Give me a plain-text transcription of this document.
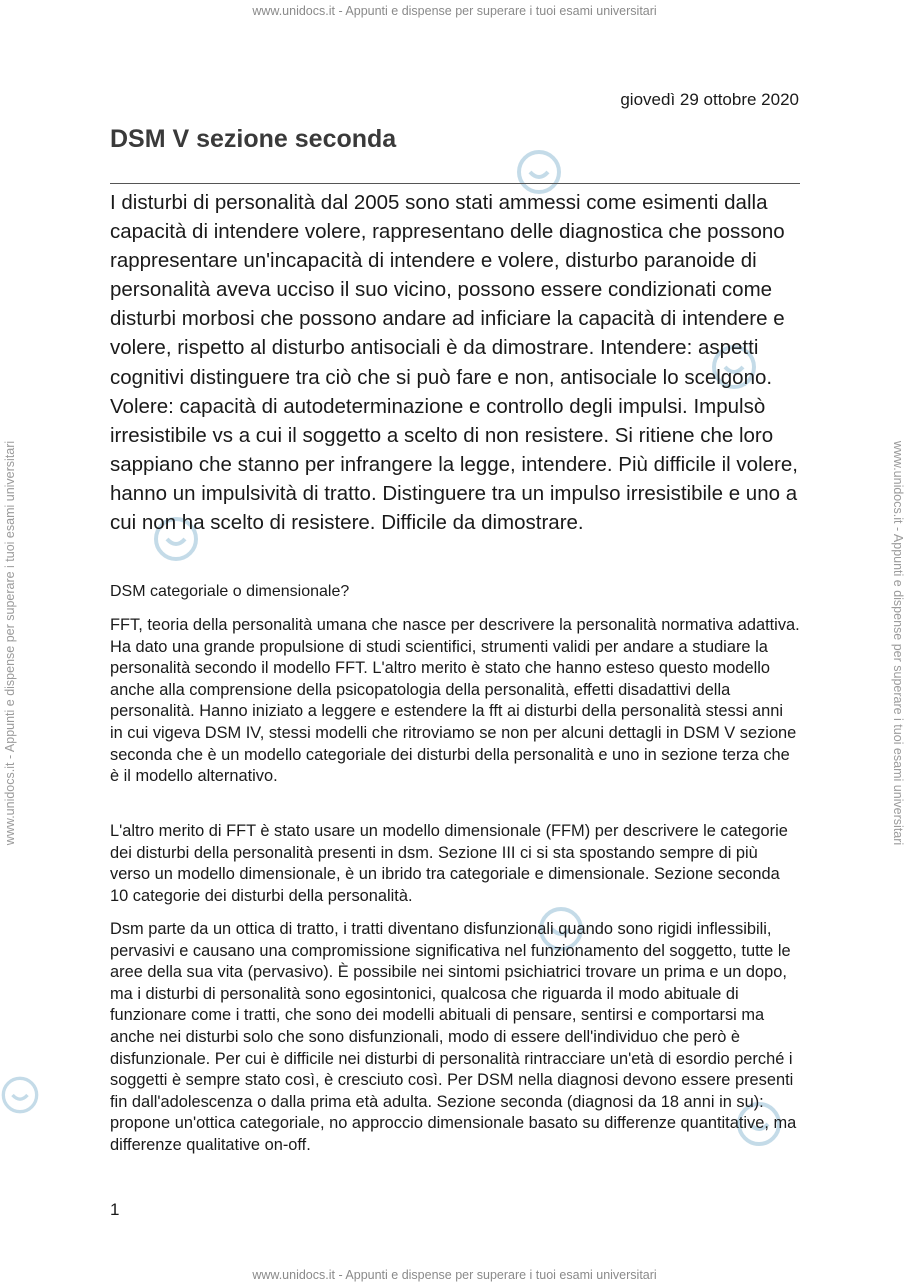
www.unidocs.it - Appunti e dispense per superare i tuoi esami universitari
www.unidocs.it - Appunti e dispense per superare i tuoi esami universitari	www.unidocs.it - Appunti e dispense per superare i tuoi esami universitari
giovedì 29 ottobre 2020
DSM V sezione seconda

I disturbi di personalità dal 2005 sono stati ammessi come esimenti dalla capacità di intendere volere, rappresentano delle diagnostica che possono rappresentare un'incapacità di intendere e volere, disturbo paranoide di personalità aveva ucciso il suo vicino, possono essere condizionati come disturbi morbosi che possono andare ad inficiare la capacità di intendere e volere, rispetto al disturbo antisociali è da dimostrare. Intendere: aspetti cognitivi distinguere tra ciò che si può fare e non, antisociale lo scelgono. Volere: capacità di autodeterminazione e controllo degli impulsi. Impulsò irresistibile vs a cui il soggetto a scelto di non resistere. Si ritiene che loro sappiano che stanno per infrangere la legge, intendere. Più difficile il volere, hanno un impulsività di tratto. Distinguere tra un impulso irresistibile e uno a cui non ha scelto di resistere. Difficile da dimostrare.

DSM categoriale o dimensionale?

FFT, teoria della personalità umana che nasce per descrivere la personalità normativa adattiva. Ha dato una grande propulsione di studi scientifici, strumenti validi per andare a studiare la personalità secondo il modello FFT. L'altro merito è stato che hanno esteso questo modello anche alla comprensione della psicopatologia della personalità, effetti disadattivi della personalità. Hanno iniziato a leggere e estendere la fft ai disturbi della personalità stessi anni in cui vigeva DSM IV, stessi modelli che ritroviamo se non per alcuni dettagli in DSM V sezione seconda che è un modello categoriale dei disturbi della personalità e uno in sezione terza che è il modello alternativo.

L'altro merito di FFT è stato usare un modello dimensionale (FFM) per descrivere le categorie dei disturbi della personalità presenti in dsm. Sezione III ci si sta spostando sempre di più verso un modello dimensionale, è un ibrido tra categoriale e dimensionale. Sezione seconda 10 categorie dei disturbi della personalità.

Dsm parte da un ottica di tratto, i tratti diventano disfunzionali quando sono rigidi inflessibili, pervasivi e causano una compromissione significativa nel funzionamento del soggetto, tutte le aree della sua vita (pervasivo). È possibile nei sintomi psichiatrici trovare un prima e un dopo, ma i disturbi di personalità sono egosintonici, qualcosa che riguarda il modo abituale di funzionare come i tratti, che sono dei modelli abituali di pensare, sentirsi e comportarsi ma anche nei disturbi solo che sono disfunzionali, modo di essere dell'individuo che però è disfunzionale. Per cui è difficile nei disturbi di personalità rintracciare un'età di esordio perché i soggetti è sempre stato così, è cresciuto così. Per DSM nella diagnosi devono essere presenti fin dall'adolescenza o dalla prima età adulta. Sezione seconda (diagnosi da 18 anni in su): propone un'ottica categoriale, no approccio dimensionale basato su differenze quantitative, ma differenze qualitative on-off.

1
www.unidocs.it - Appunti e dispense per superare i tuoi esami universitari
